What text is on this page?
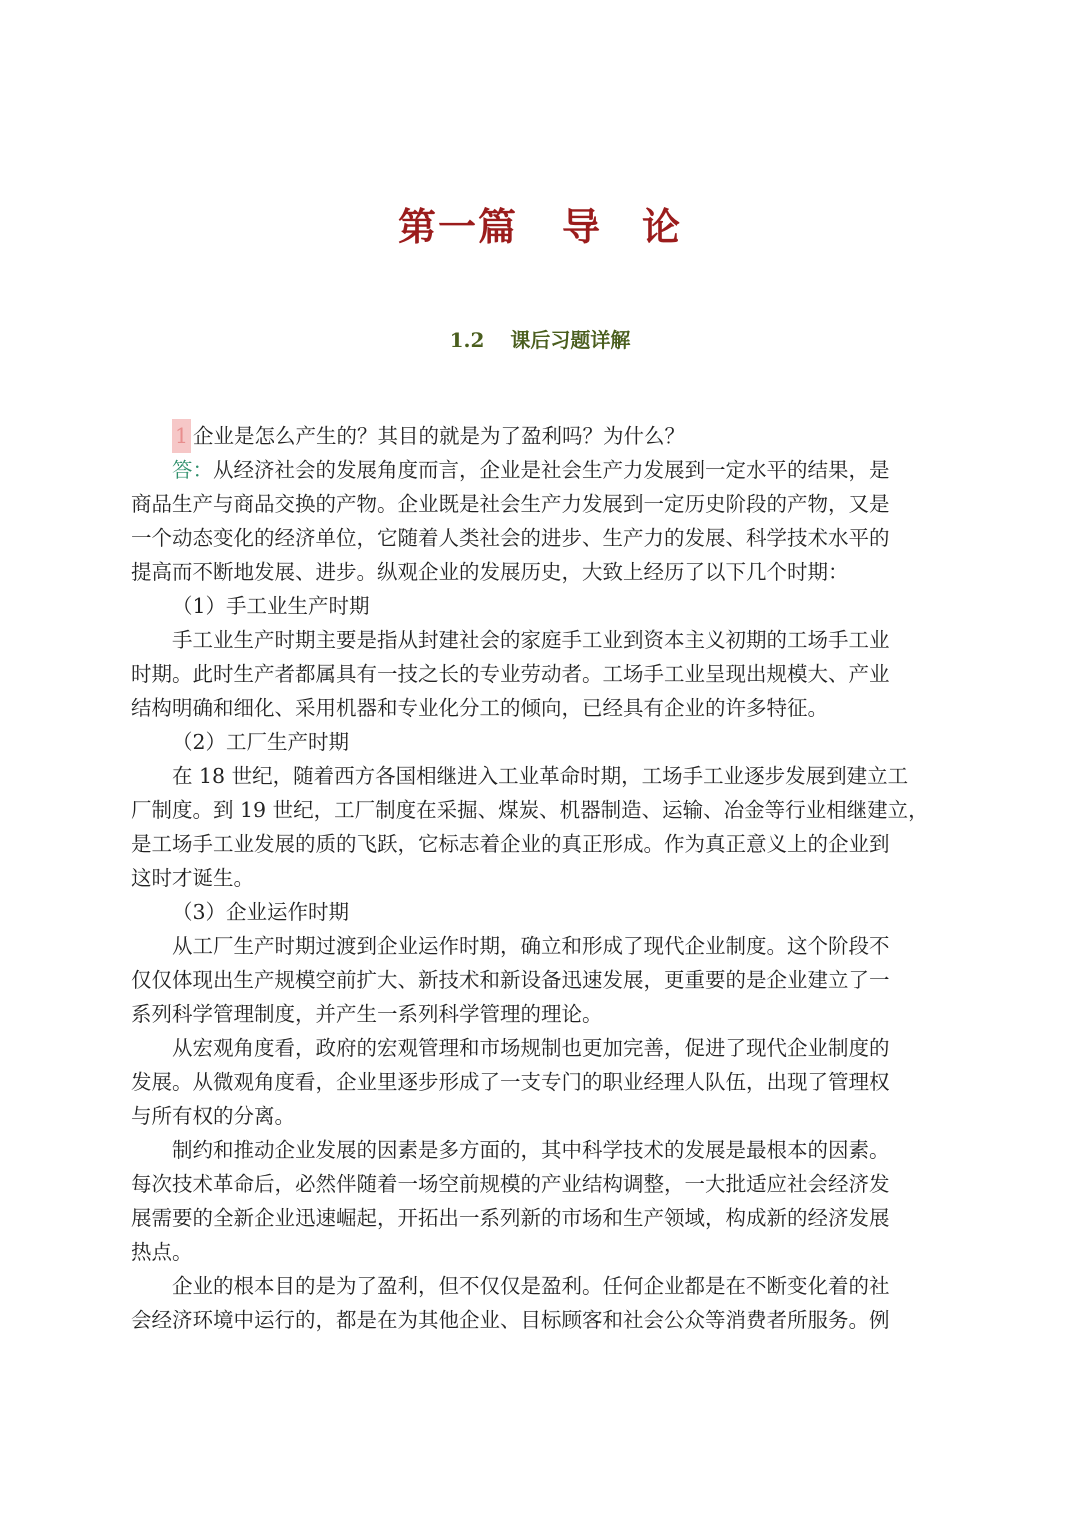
第一篇 导　论
1.2 课后习题详解
1 企业是怎么产生的？其目的就是为了盈利吗？为什么？
答：从经济社会的发展角度而言，企业是社会生产力发展到一定水平的结果，是
商品生产与商品交换的产物。企业既是社会生产力发展到一定历史阶段的产物，又是
一个动态变化的经济单位，它随着人类社会的进步、生产力的发展、科学技术水平的
提高而不断地发展、进步。纵观企业的发展历史，大致上经历了以下几个时期：
（1）手工业生产时期
手工业生产时期主要是指从封建社会的家庭手工业到资本主义初期的工场手工业
时期。此时生产者都属具有一技之长的专业劳动者。工场手工业呈现出规模大、产业
结构明确和细化、采用机器和专业化分工的倾向，已经具有企业的许多特征。
（2）工厂生产时期
在 18 世纪，随着西方各国相继进入工业革命时期，工场手工业逐步发展到建立工
厂制度。到 19 世纪，工厂制度在采掘、煤炭、机器制造、运输、冶金等行业相继建立，
是工场手工业发展的质的飞跃，它标志着企业的真正形成。作为真正意义上的企业到
这时才诞生。
（3）企业运作时期
从工厂生产时期过渡到企业运作时期，确立和形成了现代企业制度。这个阶段不
仅仅体现出生产规模空前扩大、新技术和新设备迅速发展，更重要的是企业建立了一
系列科学管理制度，并产生一系列科学管理的理论。
从宏观角度看，政府的宏观管理和市场规制也更加完善，促进了现代企业制度的
发展。从微观角度看，企业里逐步形成了一支专门的职业经理人队伍，出现了管理权
与所有权的分离。
制约和推动企业发展的因素是多方面的，其中科学技术的发展是最根本的因素。
每次技术革命后，必然伴随着一场空前规模的产业结构调整，一大批适应社会经济发
展需要的全新企业迅速崛起，开拓出一系列新的市场和生产领域，构成新的经济发展
热点。
企业的根本目的是为了盈利，但不仅仅是盈利。任何企业都是在不断变化着的社
会经济环境中运行的，都是在为其他企业、目标顾客和社会公众等消费者所服务。例
